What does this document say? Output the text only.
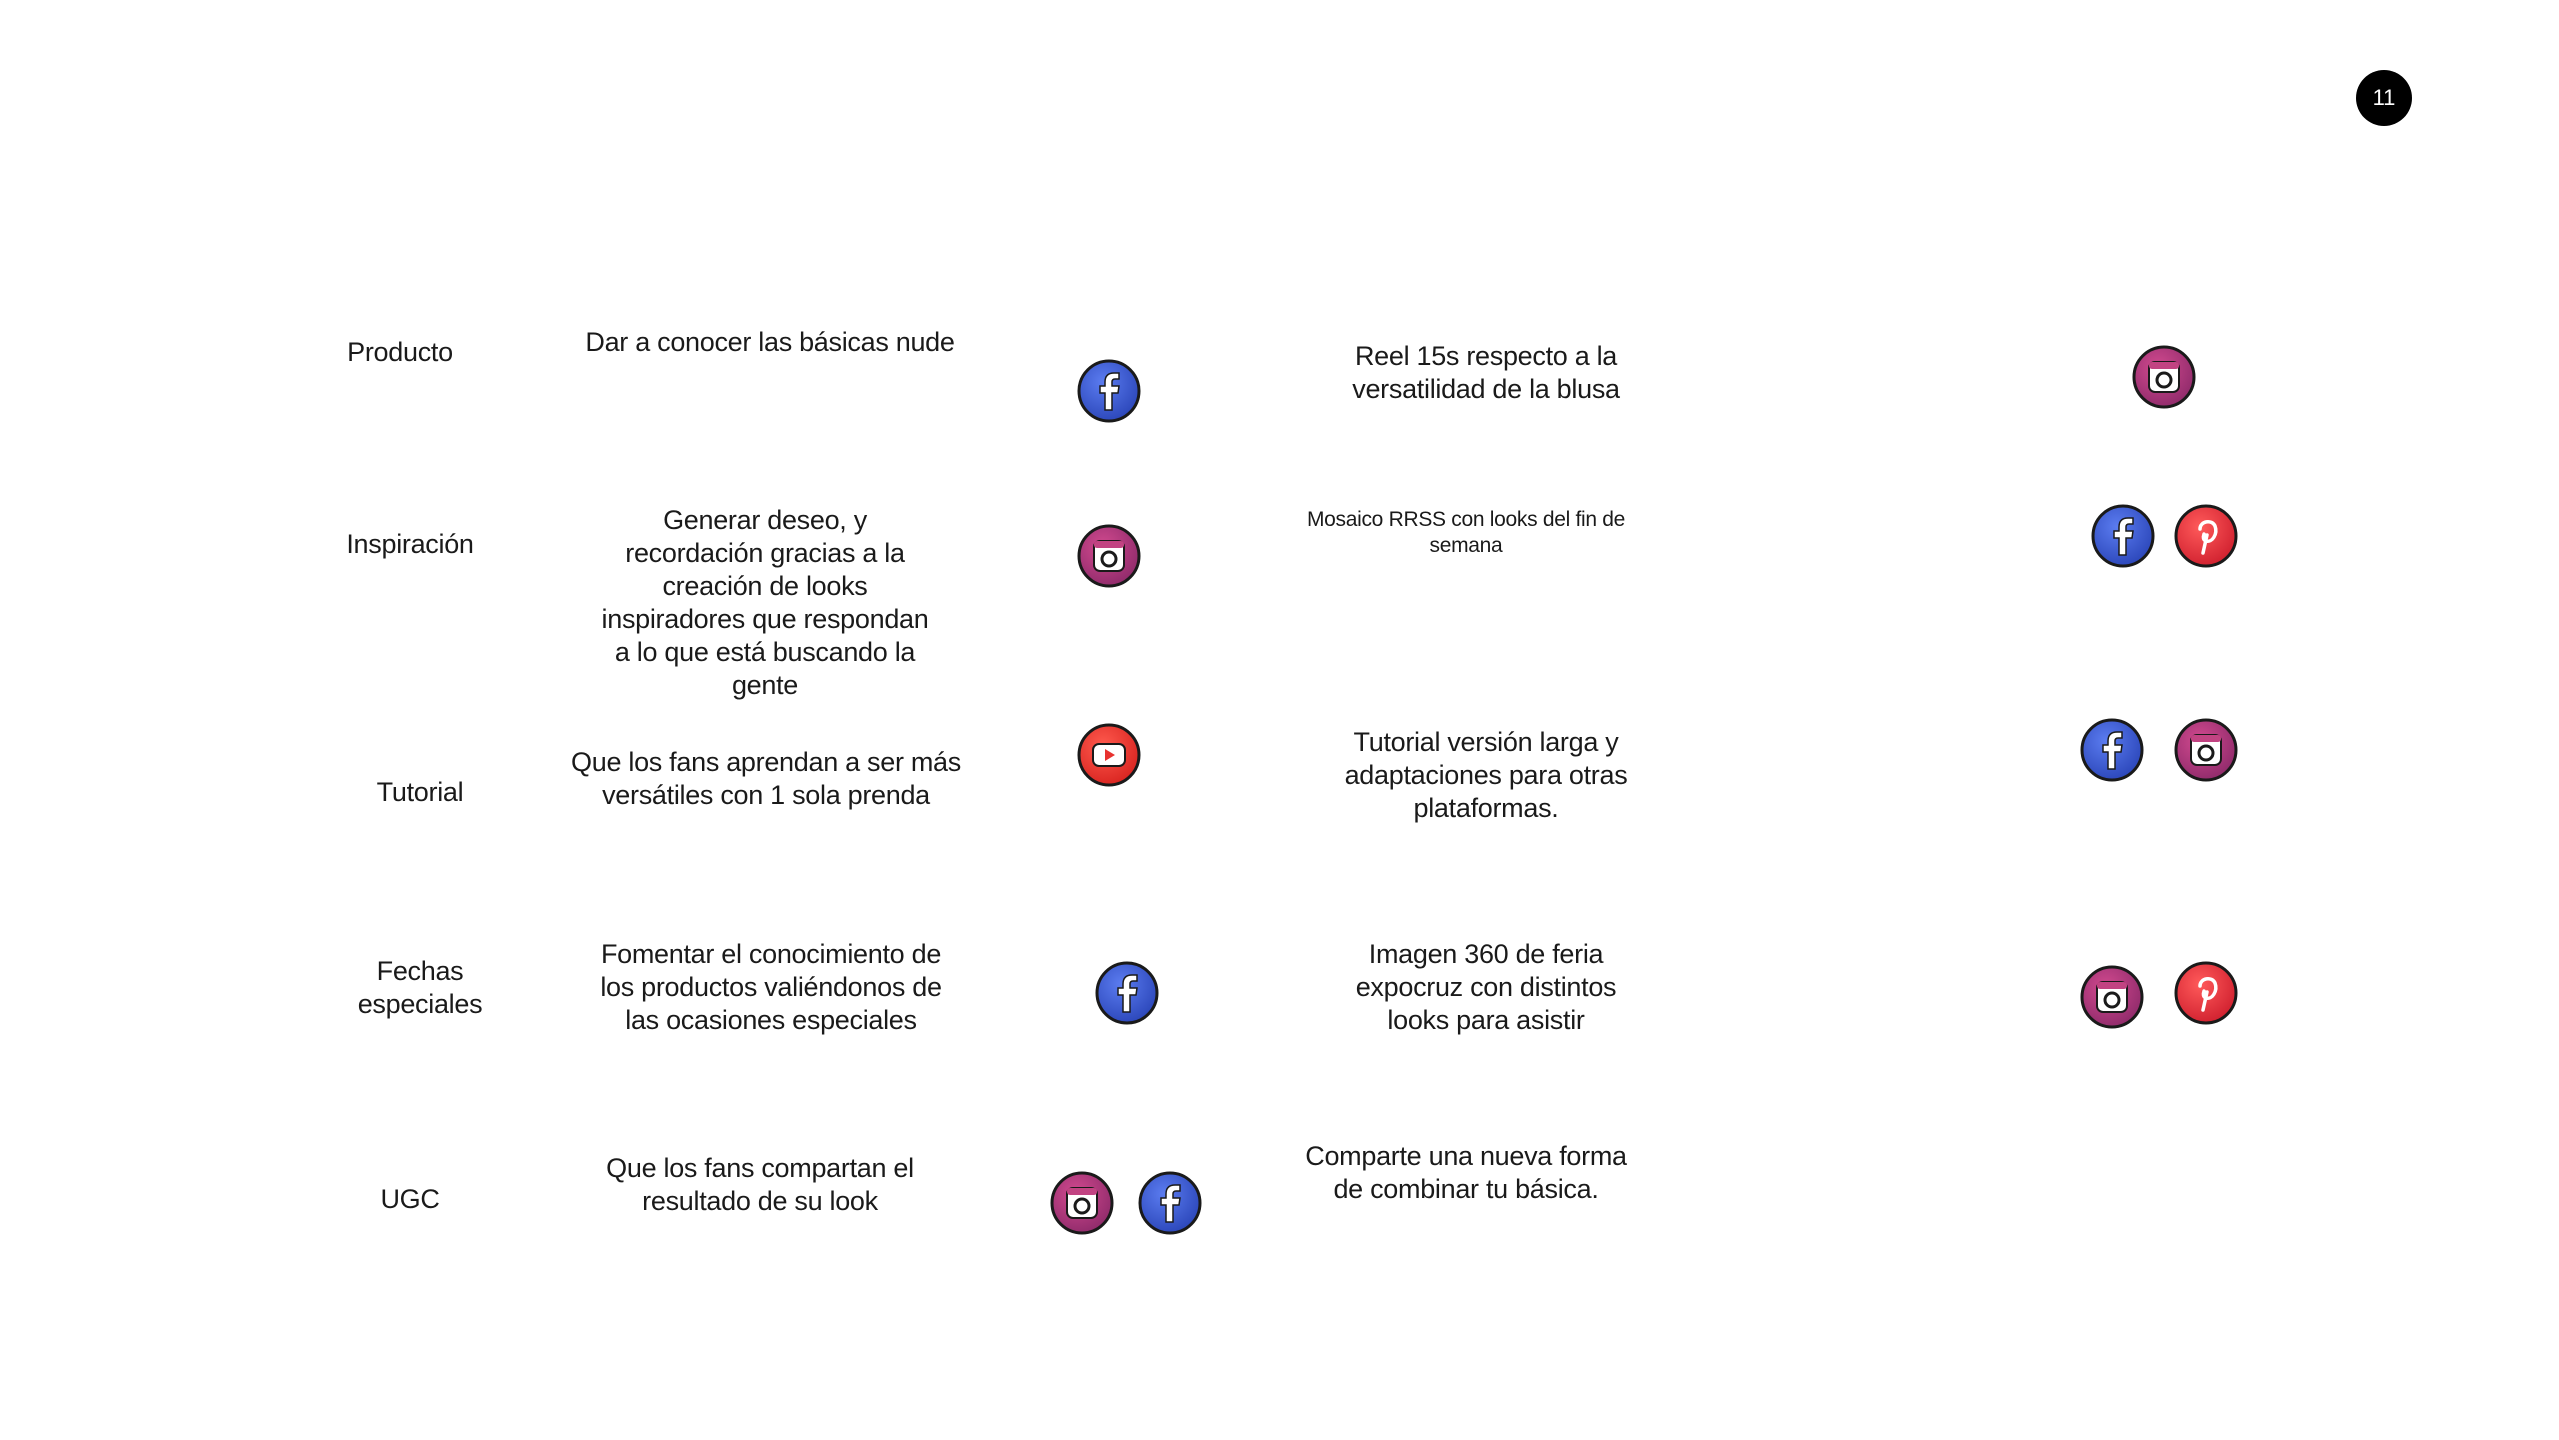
11
Producto	Dar a conocer las básicas nude	Reel 15s respecto a la versatilidad de la blusa
Inspiración
Generar deseo, y recordación gracias a la creación de looks inspiradores que respondan a lo que está buscando la gente
Mosaico RRSS con looks del fin de semana
Tutorial
Que los fans aprendan a ser más versátiles con 1 sola prenda
Tutorial versión larga y adaptaciones para otras plataformas.
Fechas especiales
Fomentar el conocimiento de los productos valiéndonos de las ocasiones especiales
Imagen 360 de feria expocruz con distintos looks para asistir
UGC
Que los fans compartan el resultado de su look
Comparte una nueva forma de combinar tu básica.
